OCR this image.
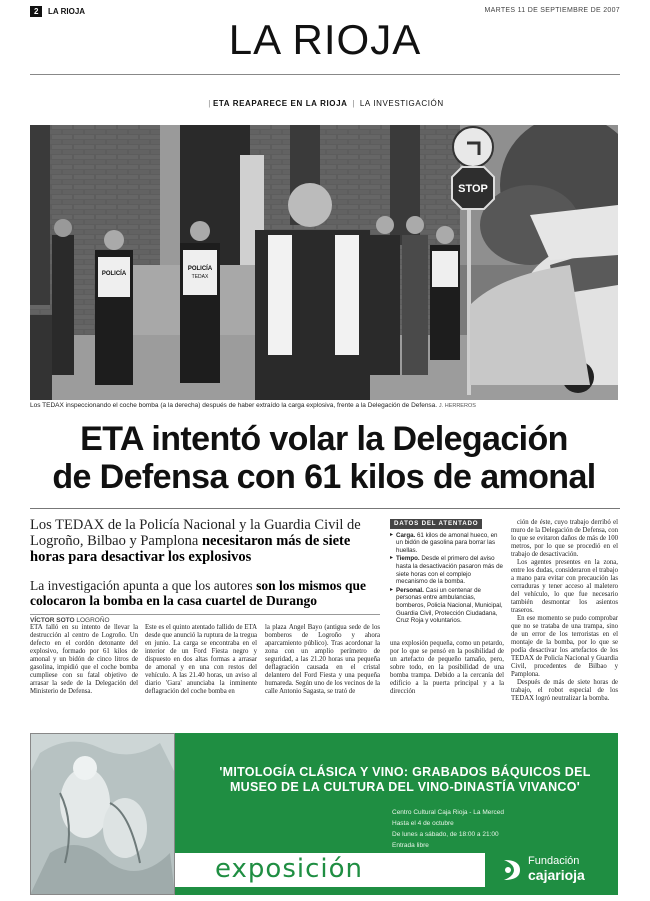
2	LA RIOJA	MARTES 11 DE SEPTIEMBRE DE 2007
LA RIOJA
| ETA REAPARECE EN LA RIOJA | LA INVESTIGACIÓN
STOP
POLICÍA
POLICÍA
TEDAX
Los TEDAX inspeccionando el coche bomba (a la derecha) después de haber extraído la carga explosiva, frente a la Delegación de Defensa. J. HERREROS
ETA intentó volar la Delegación
de Defensa con 61 kilos de amonal
Los TEDAX de la Policía Nacional y la Guardia Civil de Logroño, Bilbao y Pamplona necesitaron más de siete horas para desactivar los explosivos
La investigación apunta a que los autores son los mismos que colocaron la bomba en la casa cuartel de Durango
VÍCTOR SOTO LOGROÑO
ETA falló en su intento de llevar la destrucción al centro de Logroño. Un defecto en el cordón detonante del explosivo, formado por 61 kilos de amonal y un bidón de cinco litros de gasolina, impidió que el coche bomba cumpliese con su fatal objetivo de arrasar la sede de la Delegación del Ministerio de Defensa.
Este es el quinto atentado fallido de ETA desde que anunció la ruptura de la tregua en junio. La carga se encontraba en el interior de un Ford Fiesta negro y dispuesto en dos altas formas a arrasar de amonal y en una con restos del vehículo. A las 21.40 horas, un aviso al diario 'Gara' anunciaba la inminente deflagración del coche bomba en
la plaza Ángel Bayo (antigua sede de los bomberos de Logroño y ahora aparcamiento público). Tras acordonar la zona con un amplio perímetro de seguridad, a las 21.20 horas una pequeña deflagración causada en el cristal delantero del Ford Fiesta y una pequeña humareda. Según uno de los vecinos de la calle Antonio Sagasta, se trató de
una explosión pequeña, como un petardo, por lo que se pensó en la posibilidad de un artefacto de pequeño tamaño, pero, sobre todo, en la posibilidad de una bomba trampa. Debido a la cercanía del edificio a la puerta principal y a la dirección

ción de éste, cuyo trabajo derribó el muro de la Delegación de Defensa, con lo que se evitaron daños de más de 100 metros, por lo que se procedió en el trabajo de desactivación.

Los agentes presentes en la zona, entre los dudas, consideraron el trabajo a mano para evitar con precaución las cerraduras y tener acceso al maletero del vehículo, lo que fue necesario también desmontar los asientos traseros.

En ese momento se pudo comprobar que no se trataba de una trampa, sino de un error de los terroristas en el montaje de la bomba, por lo que se podía desactivar los artefactos de los TEDAX de Policía Nacional y Guardia Civil, procedentes de Bilbao y Pamplona.

Después de más de siete horas de trabajo, el robot especial de los TEDAX logró neutralizar la bomba.

DATOS DEL ATENTADO
▸ Carga. 61 kilos de amonal hueco, en un bidón de gasolina para borrar las huellas.
▸ Tiempo. Desde el primero del aviso hasta la desactivación pasaron más de siete horas con el complejo mecanismo de la bomba.
▸ Personal. Casi un centenar de personas entre ambulancias, bomberos, Policía Nacional, Municipal, Guardia Civil, Protección Ciudadana, Cruz Roja y voluntarios.
'MITOLOGÍA CLÁSICA Y VINO: GRABADOS BÁQUICOS DEL MUSEO DE LA CULTURA DEL VINO-DINASTÍA VIVANCO'
Centro Cultural Caja Rioja - La Merced
Hasta el 4 de octubre
De lunes a sábado, de 18:00 a 21:00
Entrada libre
exposición	Fundación
cajarioja
